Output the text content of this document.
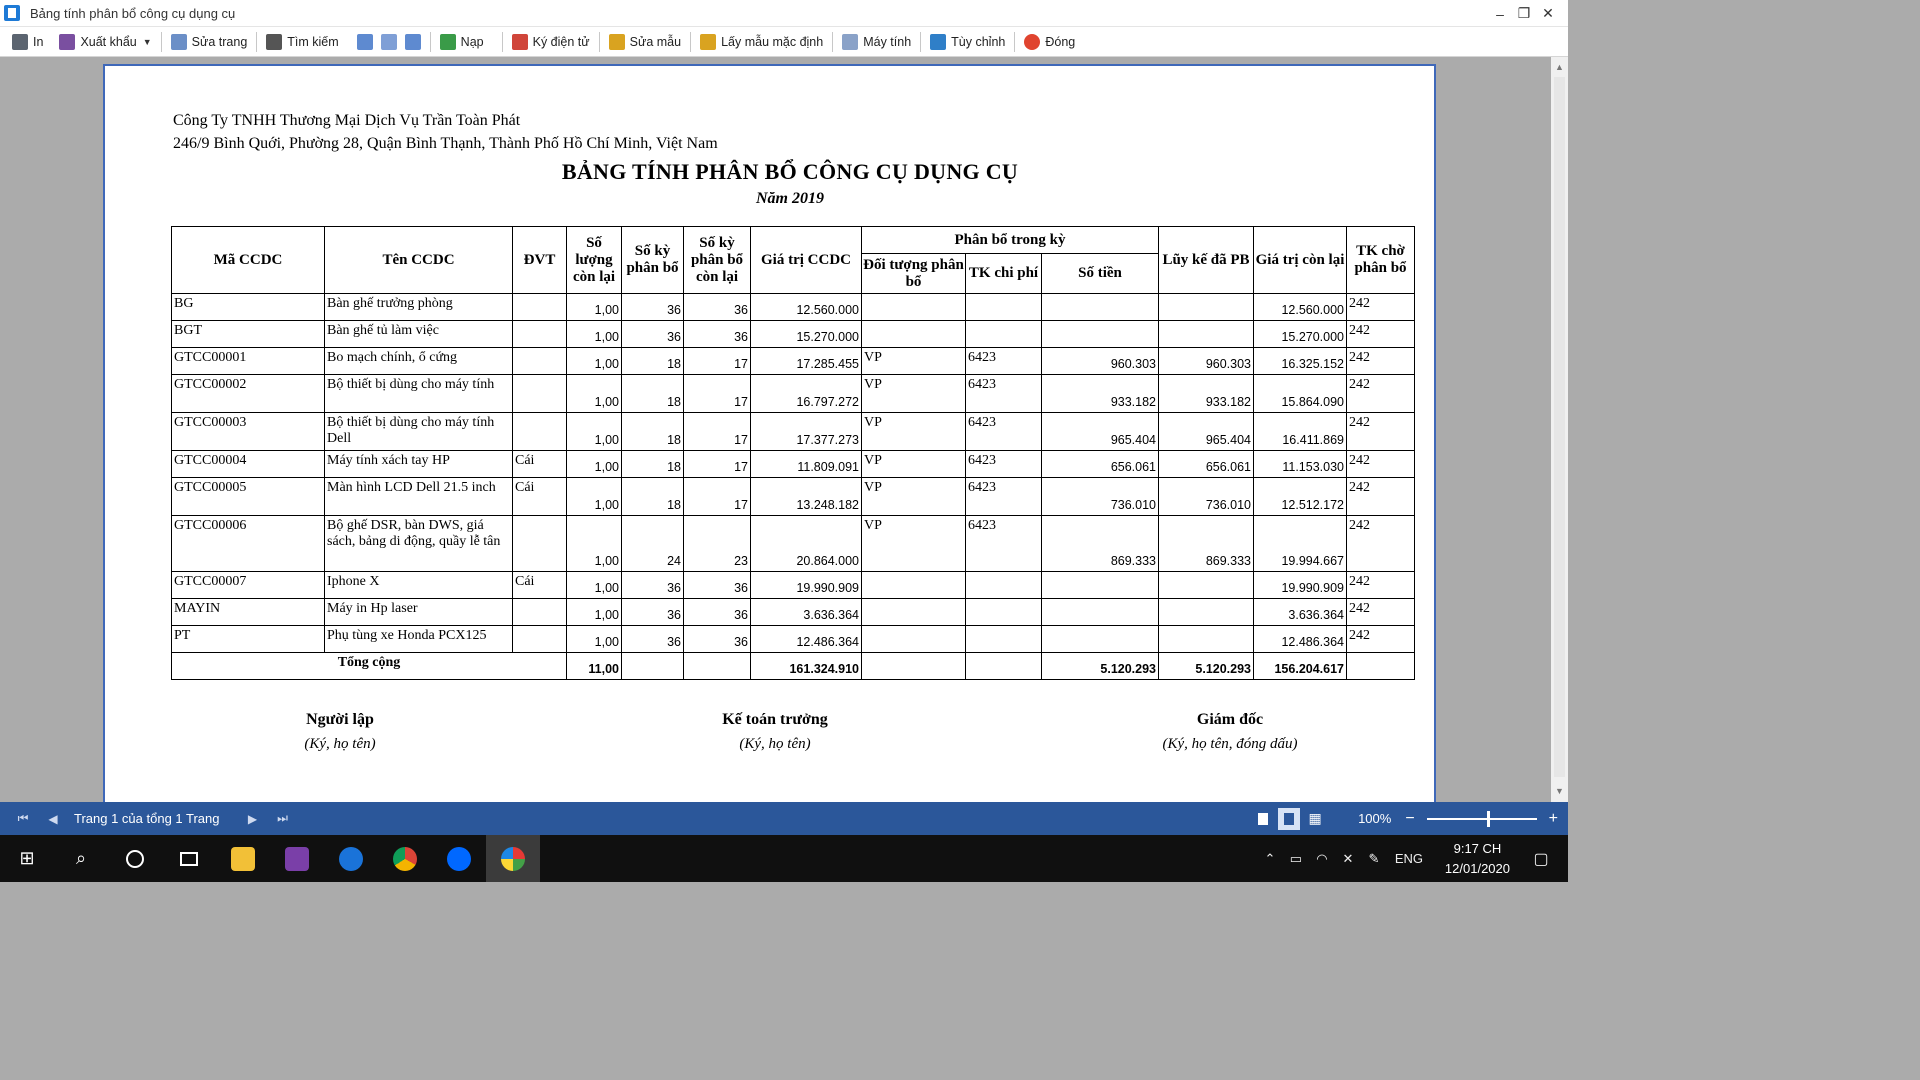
Bảng tính phân bổ công cụ dụng cụ	– ❐ ✕
In	Xuất khẩu ▼	Sửa trang	Tìm kiếm	Nạp	Ký điện tử	Sửa mẫu	Lấy mẫu mặc định	Máy tính	Tùy chỉnh	Đóng
▲
▼
Công Ty TNHH Thương Mại Dịch Vụ Trần Toàn Phát
246/9 Bình Quới, Phường 28, Quận Bình Thạnh, Thành Phố Hồ Chí Minh, Việt Nam
BẢNG TÍNH PHÂN BỔ CÔNG CỤ DỤNG CỤ
Năm 2019
Mã CCDC	Tên CCDC	ĐVT	Số lượng còn lại	Số kỳ phân bổ	Số kỳ phân bổ còn lại	Giá trị CCDC	Phân bổ trong kỳ			Lũy kế đã PB	Giá trị còn lại	TK chờ phân bổ
							Đối tượng phân bổ	TK chi phí	Số tiền			
BG	Bàn ghế trưởng phòng		1,00	36	36	12.560.000					12.560.000	242
BGT	Bàn ghế tủ làm việc		1,00	36	36	15.270.000					15.270.000	242
GTCC00001	Bo mạch chính, ổ cứng		1,00	18	17	17.285.455	VP	6423	960.303	960.303	16.325.152	242
GTCC00002	Bộ thiết bị dùng cho máy tính		1,00	18	17	16.797.272	VP	6423	933.182	933.182	15.864.090	242
GTCC00003	Bộ thiết bị dùng cho máy tính Dell		1,00	18	17	17.377.273	VP	6423	965.404	965.404	16.411.869	242
GTCC00004	Máy tính xách tay HP	Cái	1,00	18	17	11.809.091	VP	6423	656.061	656.061	11.153.030	242
GTCC00005	Màn hình LCD Dell 21.5 inch	Cái	1,00	18	17	13.248.182	VP	6423	736.010	736.010	12.512.172	242
GTCC00006	Bộ ghế DSR, bàn DWS, giá sách, bảng di động, quầy lễ tân		1,00	24	23	20.864.000	VP	6423	869.333	869.333	19.994.667	242
GTCC00007	Iphone X	Cái	1,00	36	36	19.990.909					19.990.909	242
MAYIN	Máy in Hp laser		1,00	36	36	3.636.364					3.636.364	242
PT	Phụ tùng xe Honda PCX125		1,00	36	36	12.486.364					12.486.364	242
Tổng cộng			11,00			161.324.910			5.120.293	5.120.293	156.204.617	
Người lập
(Ký, họ tên)
Kế toán trưởng
(Ký, họ tên)
Giám đốc
(Ký, họ tên, đóng dấu)
⏮	◀	Trang 1 của tổng 1 Trang	▶	⏭	▦	100% −	+
⊞ ⌕	⌃	▭	◠	✕	✎	ENG
9:17 CH
12/01/2020
▢
